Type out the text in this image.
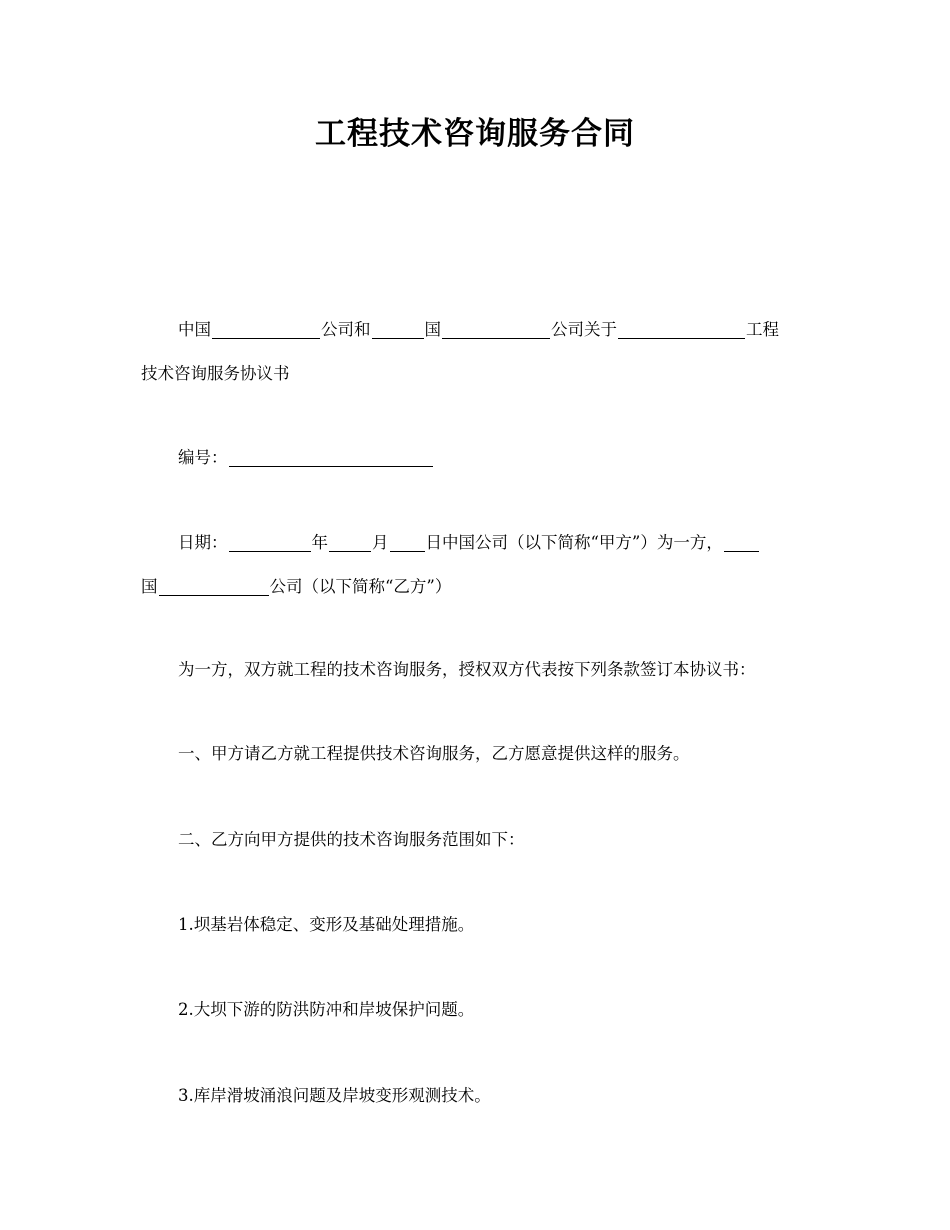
工程技术咨询服务合同
中国	公司和	国	公司关于	工程
技术咨询服务协议书
编号：
日期：	年	月 日中国公司（以下简称“甲方”）为一方，
国	公司（以下简称“乙方”）
为一方，双方就工程的技术咨询服务，授权双方代表按下列条款签订本协议书：
一、甲方请乙方就工程提供技术咨询服务，乙方愿意提供这样的服务。
二、乙方向甲方提供的技术咨询服务范围如下：
1.坝基岩体稳定、变形及基础处理措施。
2.大坝下游的防洪防冲和岸坡保护问题。
3.库岸滑坡涌浪问题及岸坡变形观测技术。
